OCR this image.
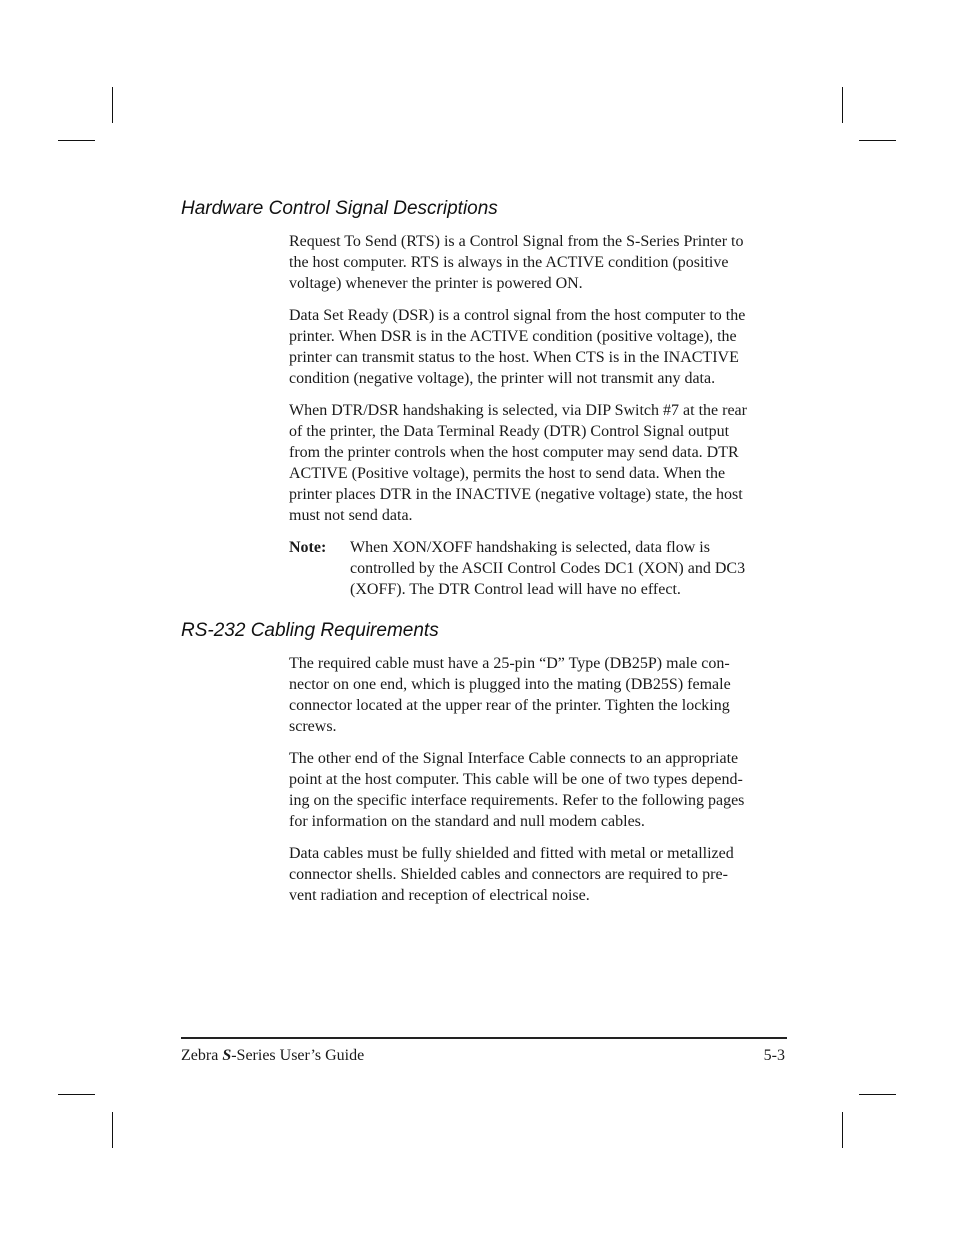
Hardware Control Signal Descriptions

Request To Send (RTS) is a Control Signal from the S-Series Printer to
the host computer. RTS is always in the ACTIVE condition (positive
voltage) whenever the printer is powered ON.

Data Set Ready (DSR) is a control signal from the host computer to the
printer. When DSR is in the ACTIVE condition (positive voltage), the
printer can transmit status to the host. When CTS is in the INACTIVE
condition (negative voltage), the printer will not transmit any data.

When DTR/DSR handshaking is selected, via DIP Switch #7 at the rear
of the printer, the Data Terminal Ready (DTR) Control Signal output
from the printer controls when the host computer may send data. DTR
ACTIVE (Positive voltage), permits the host to send data. When the
printer places DTR in the INACTIVE (negative voltage) state, the host
must not send data.

Note: When XON/XOFF handshaking is selected, data flow is
controlled by the ASCII Control Codes DC1 (XON) and DC3
(XOFF). The DTR Control lead will have no effect.
RS-232 Cabling Requirements

The required cable must have a 25-pin “D” Type (DB25P) male con-
nector on one end, which is plugged into the mating (DB25S) female
connector located at the upper rear of the printer. Tighten the locking
screws.

The other end of the Signal Interface Cable connects to an appropriate
point at the host computer. This cable will be one of two types depend-
ing on the specific interface requirements. Refer to the following pages
for information on the standard and null modem cables.

Data cables must be fully shielded and fitted with metal or metallized
connector shells. Shielded cables and connectors are required to pre-
vent radiation and reception of electrical noise.

Zebra S-Series User’s Guide	5-3
